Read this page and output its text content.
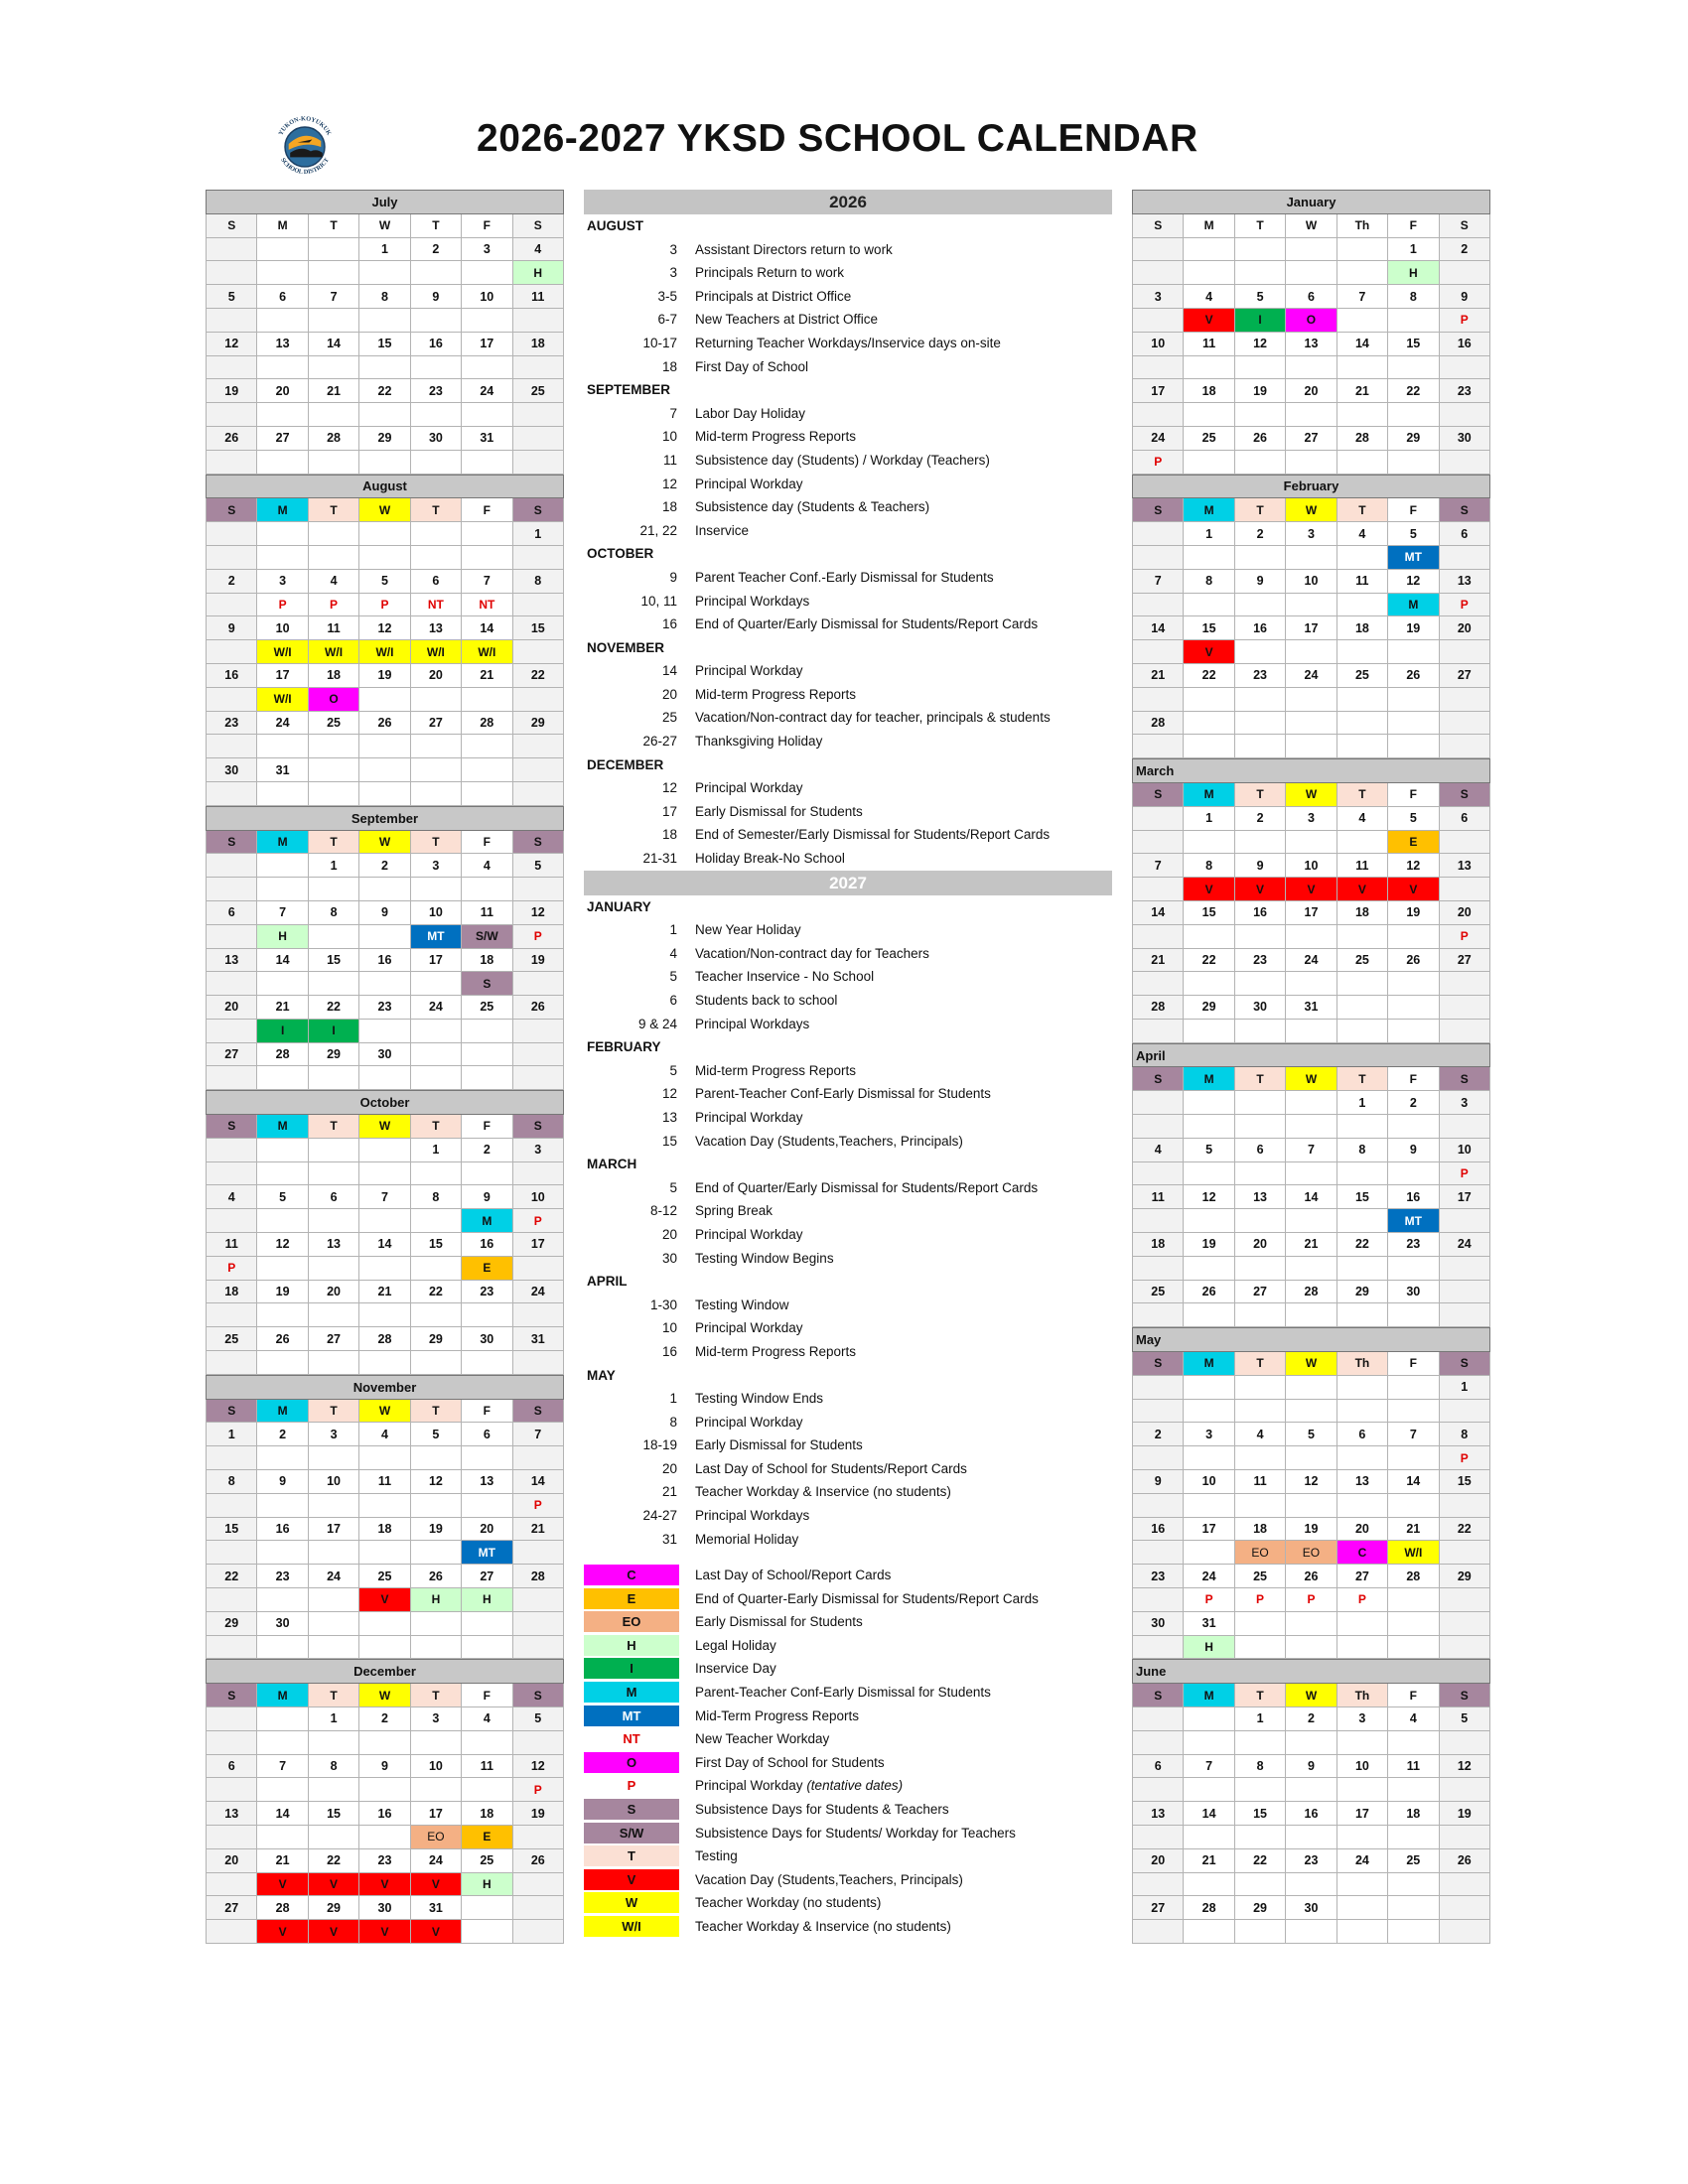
YUKON-KOYUKUK
SCHOOL DISTRICT
2026-2027 YKSD SCHOOL CALENDAR
July						
S	M	T	W	T	F	S
			1	2	3	4
						H
5	6	7	8	9	10	11

12	13	14	15	16	17	18

19	20	21	22	23	24	25

26	27	28	29	30	31	

August						
S	M	T	W	T	F	S
						1

2	3	4	5	6	7	8
	P	P	P	NT	NT	
9	10	11	12	13	14	15
	W/I	W/I	W/I	W/I	W/I	
16	17	18	19	20	21	22
	W/I	O				
23	24	25	26	27	28	29

30	31					

September						
S	M	T	W	T	F	S
		1	2	3	4	5

6	7	8	9	10	11	12
	H			MT	S/W	P
13	14	15	16	17	18	19
					S	
20	21	22	23	24	25	26
	I	I				
27	28	29	30			

October						
S	M	T	W	T	F	S
				1	2	3

4	5	6	7	8	9	10
					M	P
11	12	13	14	15	16	17
P					E	
18	19	20	21	22	23	24

25	26	27	28	29	30	31

November						
S	M	T	W	T	F	S
1	2	3	4	5	6	7

8	9	10	11	12	13	14
						P
15	16	17	18	19	20	21
					MT	
22	23	24	25	26	27	28
			V	H	H	
29	30					

December						
S	M	T	W	T	F	S
		1	2	3	4	5

6	7	8	9	10	11	12
						P
13	14	15	16	17	18	19
				EO	E	
20	21	22	23	24	25	26
	V	V	V	V	H	
27	28	29	30	31		
	V	V	V	V		
2026
AUGUST
3 Assistant Directors return to work
3 Principals Return to work
3-5 Principals at District Office
6-7 New Teachers at District Office
10-17 Returning Teacher Workdays/Inservice days on-site
18 First Day of School
SEPTEMBER
7 Labor Day Holiday
10 Mid-term Progress Reports
11 Subsistence day (Students) / Workday (Teachers)
12 Principal Workday
18 Subsistence day (Students & Teachers)
21, 22 Inservice
OCTOBER
9 Parent Teacher Conf.-Early Dismissal for Students
10, 11 Principal Workdays
16 End of Quarter/Early Dismissal for Students/Report Cards
NOVEMBER
14 Principal Workday
20 Mid-term Progress Reports
25 Vacation/Non-contract day for teacher, principals & students
26-27 Thanksgiving Holiday
DECEMBER
12 Principal Workday
17 Early Dismissal for Students
18 End of Semester/Early Dismissal for Students/Report Cards
21-31 Holiday Break-No School
2027
JANUARY
1 New Year Holiday
4 Vacation/Non-contract day for Teachers
5 Teacher Inservice - No School
6 Students back to school
9 & 24 Principal Workdays
FEBRUARY
5 Mid-term Progress Reports
12 Parent-Teacher Conf-Early Dismissal for Students
13 Principal Workday
15 Vacation Day (Students,Teachers, Principals)
MARCH
5 End of Quarter/Early Dismissal for Students/Report Cards
8-12 Spring Break
20 Principal Workday
30 Testing Window Begins
APRIL
1-30 Testing Window
10 Principal Workday
16 Mid-term Progress Reports
MAY
1 Testing Window Ends
8 Principal Workday
18-19 Early Dismissal for Students
20 Last Day of School for Students/Report Cards
21 Teacher Workday & Inservice (no students)
24-27 Principal Workdays
31 Memorial Holiday
January						
S	M	T	W	Th	F	S
					1	2
					H	
3	4	5	6	7	8	9
	V	I	O			P
10	11	12	13	14	15	16

17	18	19	20	21	22	23

24	25	26	27	28	29	30
P						
February						
S	M	T	W	T	F	S
	1	2	3	4	5	6
					MT	
7	8	9	10	11	12	13
					M	P
14	15	16	17	18	19	20
	V					
21	22	23	24	25	26	27

28						

March						
S	M	T	W	T	F	S
	1	2	3	4	5	6
					E	
7	8	9	10	11	12	13
	V	V	V	V	V	
14	15	16	17	18	19	20
						P
21	22	23	24	25	26	27

28	29	30	31			

April						
S	M	T	W	T	F	S
				1	2	3

4	5	6	7	8	9	10
						P
11	12	13	14	15	16	17
					MT	
18	19	20	21	22	23	24

25	26	27	28	29	30	

May						
S	M	T	W	Th	F	S
						1

2	3	4	5	6	7	8
						P
9	10	11	12	13	14	15

16	17	18	19	20	21	22
		EO	EO	C	W/I	
23	24	25	26	27	28	29
	P	P	P	P		
30	31					
	H					
June						
S	M	T	W	Th	F	S
		1	2	3	4	5

6	7	8	9	10	11	12

13	14	15	16	17	18	19

20	21	22	23	24	25	26

27	28	29	30			

C	Last Day of School/Report Cards
E	End of Quarter-Early Dismissal for Students/Report Cards
EO	Early Dismissal for Students
H	Legal Holiday
I	Inservice Day
M	Parent-Teacher Conf-Early Dismissal for Students
MT	Mid-Term Progress Reports
NT	New Teacher Workday
O	First Day of School for Students
P	Principal Workday (tentative dates)
S	Subsistence Days for Students & Teachers
S/W	Subsistence Days for Students/ Workday for Teachers
T	Testing
V	Vacation Day (Students,Teachers, Principals)
W	Teacher Workday (no students)
W/I	Teacher Workday & Inservice (no students)
